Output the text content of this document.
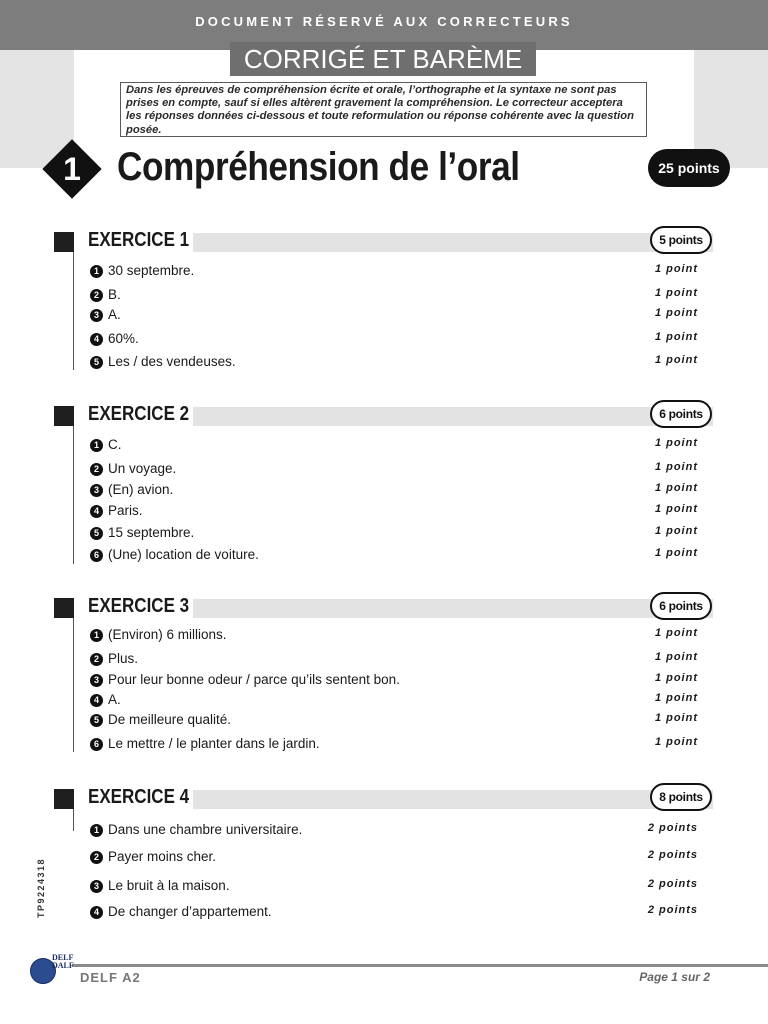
DOCUMENT RÉSERVÉ AUX CORRECTEURS
CORRIGÉ ET BARÈME
Dans les épreuves de compréhension écrite et orale, l’orthographe et la syntaxe ne sont pas prises en compte, sauf si elles altèrent gravement la compréhension. Le correcteur acceptera les réponses données ci-dessous et toute reformulation ou réponse cohérente avec la question posée.
1 Compréhension de l’oral	25 points
EXERCICE 1	5 points
1 30 septembre.	1 point
2 B.	1 point
3 A.	1 point
4 60%.	1 point
5 Les / des vendeuses.	1 point
EXERCICE 2	6 points
1 C.	1 point
2 Un voyage.	1 point
3 (En) avion.	1 point
4 Paris.	1 point
5 15 septembre.	1 point
6 (Une) location de voiture.	1 point
EXERCICE 3	6 points
1 (Environ) 6 millions.	1 point
2 Plus.	1 point
3 Pour leur bonne odeur / parce qu’ils sentent bon.	1 point
4 A.	1 point
5 De meilleure qualité.	1 point
6 Le mettre / le planter dans le jardin.	1 point
EXERCICE 4	8 points
1 Dans une chambre universitaire.	2 points
2 Payer moins cher.	2 points
3 Le bruit à la maison.	2 points
4 De changer d’appartement.	2 points
TP9224318
DELF DALF
DELF A2	Page 1 sur 2
